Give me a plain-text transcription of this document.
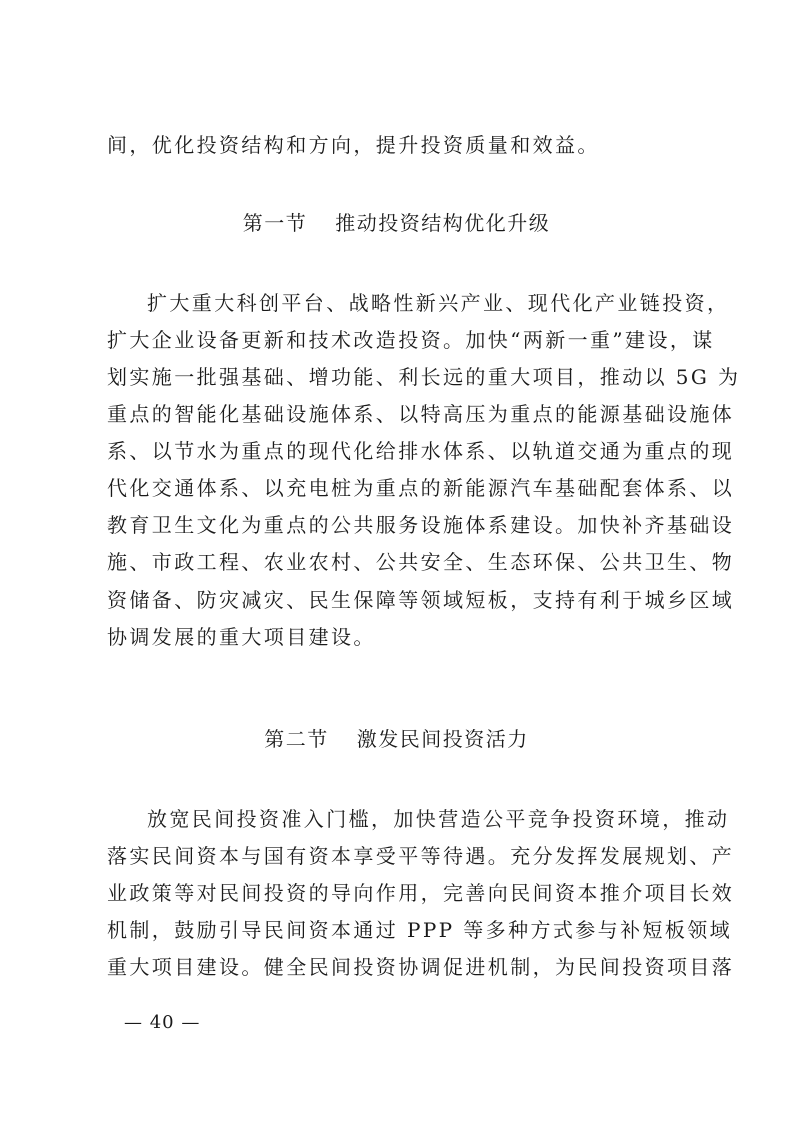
间，优化投资结构和方向，提升投资质量和效益。
第一节 推动投资结构优化升级
扩大重大科创平台、战略性新兴产业、现代化产业链投资，
扩大企业设备更新和技术改造投资。加快“两新一重”建设，谋
划实施一批强基础、增功能、利长远的重大项目，推动以 5G 为
重点的智能化基础设施体系、以特高压为重点的能源基础设施体
系、以节水为重点的现代化给排水体系、以轨道交通为重点的现
代化交通体系、以充电桩为重点的新能源汽车基础配套体系、以
教育卫生文化为重点的公共服务设施体系建设。加快补齐基础设
施、市政工程、农业农村、公共安全、生态环保、公共卫生、物
资储备、防灾减灾、民生保障等领域短板，支持有利于城乡区域
协调发展的重大项目建设。
第二节 激发民间投资活力
放宽民间投资准入门槛，加快营造公平竞争投资环境，推动
落实民间资本与国有资本享受平等待遇。充分发挥发展规划、产
业政策等对民间投资的导向作用，完善向民间资本推介项目长效
机制，鼓励引导民间资本通过 PPP 等多种方式参与补短板领域
重大项目建设。健全民间投资协调促进机制，为民间投资项目落
— 40 —
